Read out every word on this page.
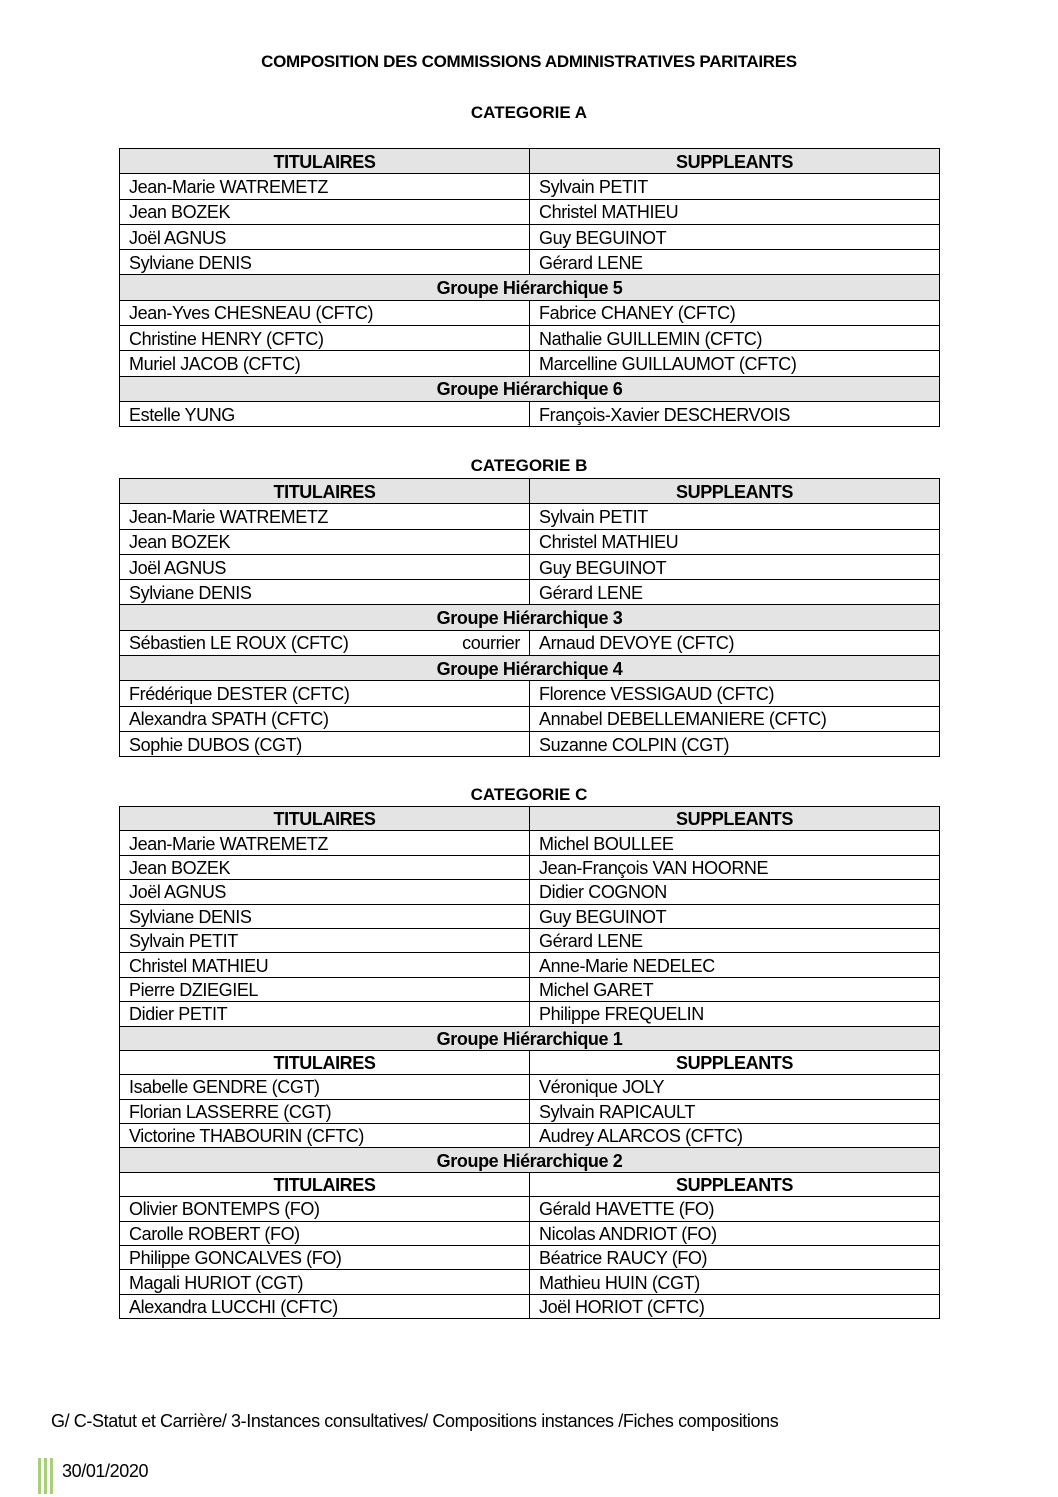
COMPOSITION DES COMMISSIONS ADMINISTRATIVES PARITAIRES
CATEGORIE A
TITULAIRES	SUPPLEANTS
Jean-Marie WATREMETZ	Sylvain PETIT
Jean BOZEK	Christel MATHIEU
Joël AGNUS	Guy BEGUINOT
Sylviane DENIS	Gérard LENE
Groupe Hiérarchique 5	
Jean-Yves CHESNEAU (CFTC)	Fabrice CHANEY (CFTC)
Christine HENRY (CFTC)	Nathalie GUILLEMIN (CFTC)
Muriel JACOB (CFTC)	Marcelline GUILLAUMOT (CFTC)
Groupe Hiérarchique 6	
Estelle YUNG	François-Xavier DESCHERVOIS
CATEGORIE B
TITULAIRES	SUPPLEANTS
Jean-Marie WATREMETZ	Sylvain PETIT
Jean BOZEK	Christel MATHIEU
Joël AGNUS	Guy BEGUINOT
Sylviane DENIS	Gérard LENE
Groupe Hiérarchique 3	
Sébastien LE ROUX (CFTC) courrier	Arnaud DEVOYE (CFTC)
Groupe Hiérarchique 4	
Frédérique DESTER (CFTC)	Florence VESSIGAUD (CFTC)
Alexandra SPATH (CFTC)	Annabel DEBELLEMANIERE (CFTC)
Sophie DUBOS (CGT)	Suzanne COLPIN (CGT)
CATEGORIE C
TITULAIRES	SUPPLEANTS
Jean-Marie WATREMETZ	Michel BOULLEE
Jean BOZEK	Jean-François VAN HOORNE
Joël AGNUS	Didier COGNON
Sylviane DENIS	Guy BEGUINOT
Sylvain PETIT	Gérard LENE
Christel MATHIEU	Anne-Marie NEDELEC
Pierre DZIEGIEL	Michel GARET
Didier PETIT	Philippe FREQUELIN
Groupe Hiérarchique 1	
TITULAIRES	SUPPLEANTS
Isabelle GENDRE (CGT)	Véronique JOLY
Florian LASSERRE (CGT)	Sylvain RAPICAULT
Victorine THABOURIN (CFTC)	Audrey ALARCOS (CFTC)
Groupe Hiérarchique 2	
TITULAIRES	SUPPLEANTS
Olivier BONTEMPS (FO)	Gérald HAVETTE (FO)
Carolle ROBERT (FO)	Nicolas ANDRIOT (FO)
Philippe GONCALVES (FO)	Béatrice RAUCY (FO)
Magali HURIOT (CGT)	Mathieu HUIN (CGT)
Alexandra LUCCHI (CFTC)	Joël HORIOT (CFTC)
G/ C-Statut et Carrière/ 3-Instances consultatives/ Compositions instances /Fiches compositions
30/01/2020
